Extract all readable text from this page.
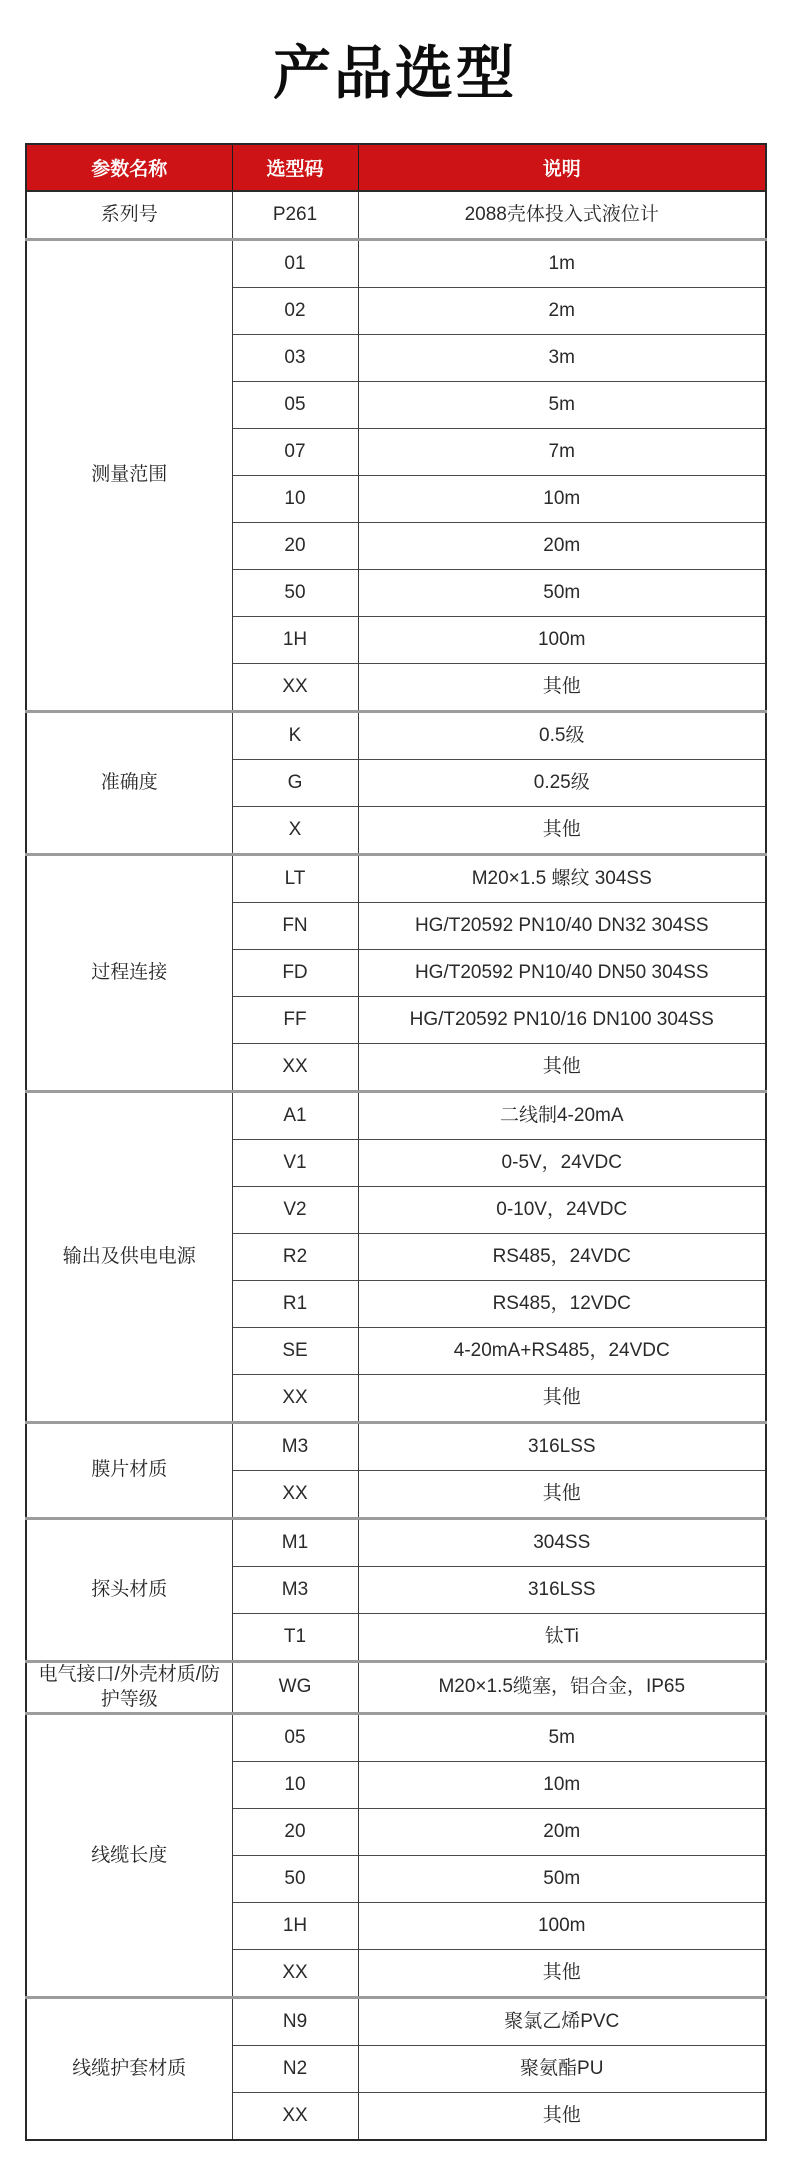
产品选型
参数名称	选型码	说明
系列号	P261	2088壳体投入式液位计
测量范围	01	1m
	02	2m
	03	3m
	05	5m
	07	7m
	10	10m
	20	20m
	50	50m
	1H	100m
	XX	其他
准确度	K	0.5级
	G	0.25级
	X	其他
过程连接	LT	M20×1.5 螺纹 304SS
	FN	HG/T20592 PN10/40 DN32 304SS
	FD	HG/T20592 PN10/40 DN50 304SS
	FF	HG/T20592 PN10/16 DN100 304SS
	XX	其他
输出及供电电源	A1	二线制4-20mA
	V1	0-5V，24VDC
	V2	0-10V，24VDC
	R2	RS485，24VDC
	R1	RS485，12VDC
	SE	4-20mA+RS485，24VDC
	XX	其他
膜片材质	M3	316LSS
	XX	其他
探头材质	M1	304SS
	M3	316LSS
	T1	钛Ti
电气接口/外壳材质/防护等级	WG	M20×1.5缆塞，铝合金，IP65
线缆长度	05	5m
	10	10m
	20	20m
	50	50m
	1H	100m
	XX	其他
线缆护套材质	N9	聚氯乙烯PVC
	N2	聚氨酯PU
	XX	其他
